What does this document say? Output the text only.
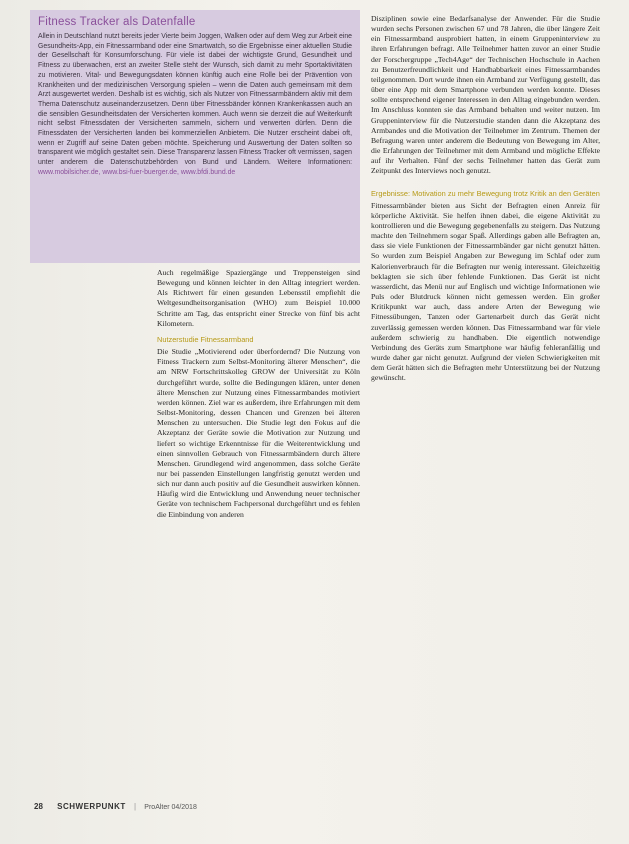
Fitness Tracker als Datenfalle
Allein in Deutschland nutzt bereits jeder Vierte beim Joggen, Walken oder auf dem Weg zur Arbeit eine Gesundheits-App, ein Fitnessarmband oder eine Smartwatch, so die Ergebnisse einer aktuellen Studie der Gesellschaft für Konsumforschung. Für viele ist dabei der wichtigste Grund, Gesundheit und Fitness zu überwachen, erst an zweiter Stelle steht der Wunsch, sich damit zu mehr Sportaktivitäten zu motivieren. Vital- und Bewegungsdaten können künftig auch eine Rolle bei der Prävention von Krankheiten und der medizinischen Versorgung spielen – wenn die Daten auch gemeinsam mit dem Arzt ausgewertet werden. Deshalb ist es wichtig, sich als Nutzer von Fitnessarmbändern aktiv mit dem Thema Datenschutz auseinanderzusetzen. Denn über Fitnessbänder können Krankenkassen auch an die sensiblen Gesundheitsdaten der Versicherten kommen. Auch wenn sie derzeit die auf Weiterkunft nicht selbst Fitnessdaten der Versicherten sammeln, sichern und verwerten dürfen. Denn die Fitnessdaten der Versicherten landen bei kommerziellen Anbietern. Die Nutzer erscheint dabei oft, wenn er Zugriff auf seine Daten geben möchte. Speicherung und Auswertung der Daten sollten so transparent wie möglich gestaltet sein. Diese Transparenz lassen Fitness Tracker oft vermissen, sagen unter anderem die Datenschutzbehörden von Bund und Ländern. Weitere Informationen: www.mobilsicher.de, www.bsi-fuer-buerger.de, www.bfdi.bund.de

Auch regelmäßige Spaziergänge und Treppensteigen sind Bewegung und können leichter in den Alltag integriert werden. Als Richtwert für einen gesunden Lebensstil empfiehlt die Weltgesundheitsorganisation (WHO) zum Beispiel 10.000 Schritte am Tag, das entspricht einer Strecke von fünf bis acht Kilometern.

Nutzerstudie Fitnessarmband

Die Studie „Motivierend oder überfordernd? Die Nutzung von Fitness Trackern zum Selbst-Monitoring älterer Menschen“, die am NRW Fortschrittskolleg GROW der Universität zu Köln durchgeführt wurde, sollte die Bedingungen klären, unter denen ältere Menschen zur Nutzung eines Fitnessarmbandes motiviert werden können. Ziel war es außerdem, ihre Erfahrungen mit dem Selbst-Monitoring, dessen Chancen und Grenzen bei älteren Menschen zu untersuchen. Die Studie legt den Fokus auf die Akzeptanz der Geräte sowie die Motivation zur Nutzung und liefert so wichtige Erkenntnisse für die Weiterentwicklung und einen sinnvollen Gebrauch von Fitnessarmbändern durch ältere Menschen. Grundlegend wird angenommen, dass solche Geräte nur bei passenden Einstellungen langfristig genutzt werden und sich nur dann auch positiv auf die Gesundheit auswirken können. Häufig wird die Entwicklung und Anwendung neuer technischer Geräte von technischem Fachpersonal durchgeführt und es fehlen die Einbindung von anderen

Disziplinen sowie eine Bedarfsanalyse der Anwender. Für die Studie wurden sechs Personen zwischen 67 und 78 Jahren, die über längere Zeit ein Fitnessarmband ausprobiert hatten, in einem Gruppeninterview zu ihren Erfahrungen befragt. Alle Teilnehmer hatten zuvor an einer Studie der Forschergruppe „Tech4Age“ der Technischen Hochschule in Aachen zu Benutzerfreundlichkeit und Handhabbarkeit eines Fitnessarmbandes teilgenommen. Dort wurde ihnen ein Armband zur Verfügung gestellt, das über eine App mit dem Smartphone verbunden werden konnte. Dieses sollte entsprechend eigener Interessen in den Alltag eingebunden werden. Im Anschluss konnten sie das Armband behalten und weiter nutzen. Im Gruppeninterview für die Nutzerstudie standen dann die Akzeptanz des Armbandes und die Motivation der Teilnehmer im Zentrum. Themen der Befragung waren unter anderem die Bedeutung von Bewegung im Alter, die Erfahrungen der Teilnehmer mit dem Armband und mögliche Effekte auf ihr Verhalten. Fünf der sechs Teilnehmer hatten das Gerät zum Zeitpunkt des Interviews noch genutzt.

Ergebnisse: Motivation zu mehr Bewegung trotz Kritik an den Geräten

Fitnessarmbänder bieten aus Sicht der Befragten einen Anreiz für körperliche Aktivität. Sie helfen ihnen dabei, die eigene Aktivität zu kontrollieren und die Bewegung gegebenenfalls zu steigern. Das Nutzung machte den Teilnehmern sogar Spaß. Allerdings gaben alle Befragten an, dass sie viele Funktionen der Fitnessarmbänder gar nicht genutzt hätten. So wurden zum Beispiel Angaben zur Bewegung im Schlaf oder zum Kalorienverbrauch für die Befragten nur wenig interessant. Gleichzeitig beklagten sie sich über fehlende Funktionen. Das Gerät ist nicht wasserdicht, das Menü nur auf Englisch und wichtige Informationen wie Puls oder Blutdruck können nicht gemessen werden. Ein großer Kritikpunkt war auch, dass andere Arten der Bewegung wie Fitnessübungen, Tanzen oder Gartenarbeit durch das Gerät nicht zuverlässig gemessen werden können. Das Fitnessarmband war für viele außerdem schwierig zu handhaben. Die eigentlich notwendige Verbindung des Geräts zum Smartphone war häufig fehleranfällig und wurde daher gar nicht genutzt. Aufgrund der vielen Schwierigkeiten mit dem Gerät hätten sich die Befragten mehr Unterstützung bei der Nutzung gewünscht.

28 SCHWERPUNKT | ProAlter 04/2018
